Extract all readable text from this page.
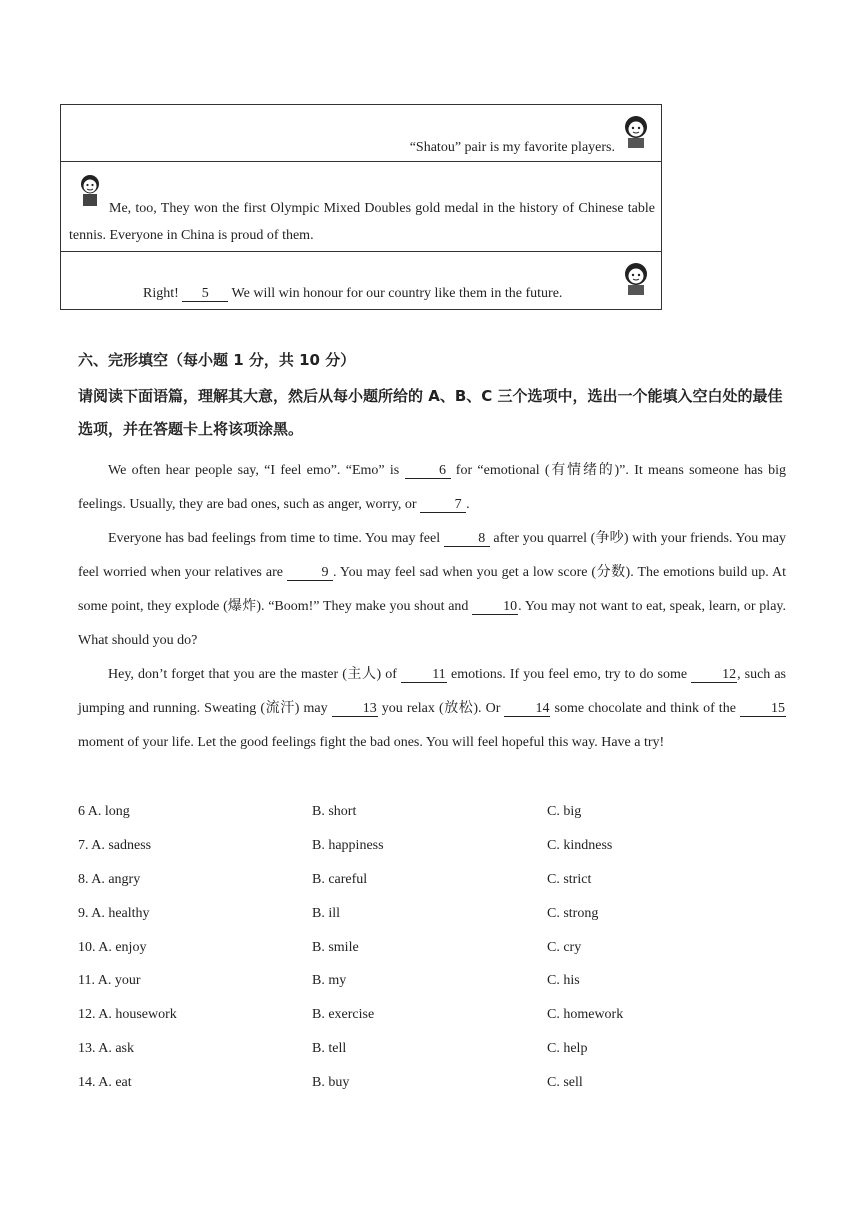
“Shatou” pair is my favorite players.
Me, too, They won the first Olympic Mixed Doubles gold medal in the history of Chinese table tennis. Everyone in China is proud of them.
Right! 5 We will win honour for our country like them in the future.
六、完形填空（每小题 1 分，共 10 分）
请阅读下面语篇，理解其大意，然后从每小题所给的 A、B、C 三个选项中，选出一个能填入空白处的最佳选项，并在答题卡上将该项涂黑。

We often hear people say, “I feel emo”. “Emo” is 6 for “emotional (有情绪的)”. It means someone has big feelings. Usually, they are bad ones, such as anger, worry, or 7 .

Everyone has bad feelings from time to time. You may feel 8 after you quarrel (争吵) with your friends. You may feel worried when your relatives are 9 . You may feel sad when you get a low score (分数). The emotions build up. At some point, they explode (爆炸). “Boom!” They make you shout and 10. You may not want to eat, speak, learn, or play. What should you do?

Hey, don’t forget that you are the master (主人) of 11 emotions. If you feel emo, try to do some 12, such as jumping and running. Sweating (流汗) may 13 you relax (放松). Or 14 some chocolate and think of the 15 moment of your life. Let the good feelings fight the bad ones. You will feel hopeful this way. Have a try!

6 A. long	B. short	C. big
7. A. sadness	B. happiness	C. kindness
8. A. angry	B. careful	C. strict
9. A. healthy	B. ill	C. strong
10. A. enjoy	B. smile	C. cry
11. A. your	B. my	C. his
12. A. housework	B. exercise	C. homework
13. A. ask	B. tell	C. help
14. A. eat	B. buy	C. sell
